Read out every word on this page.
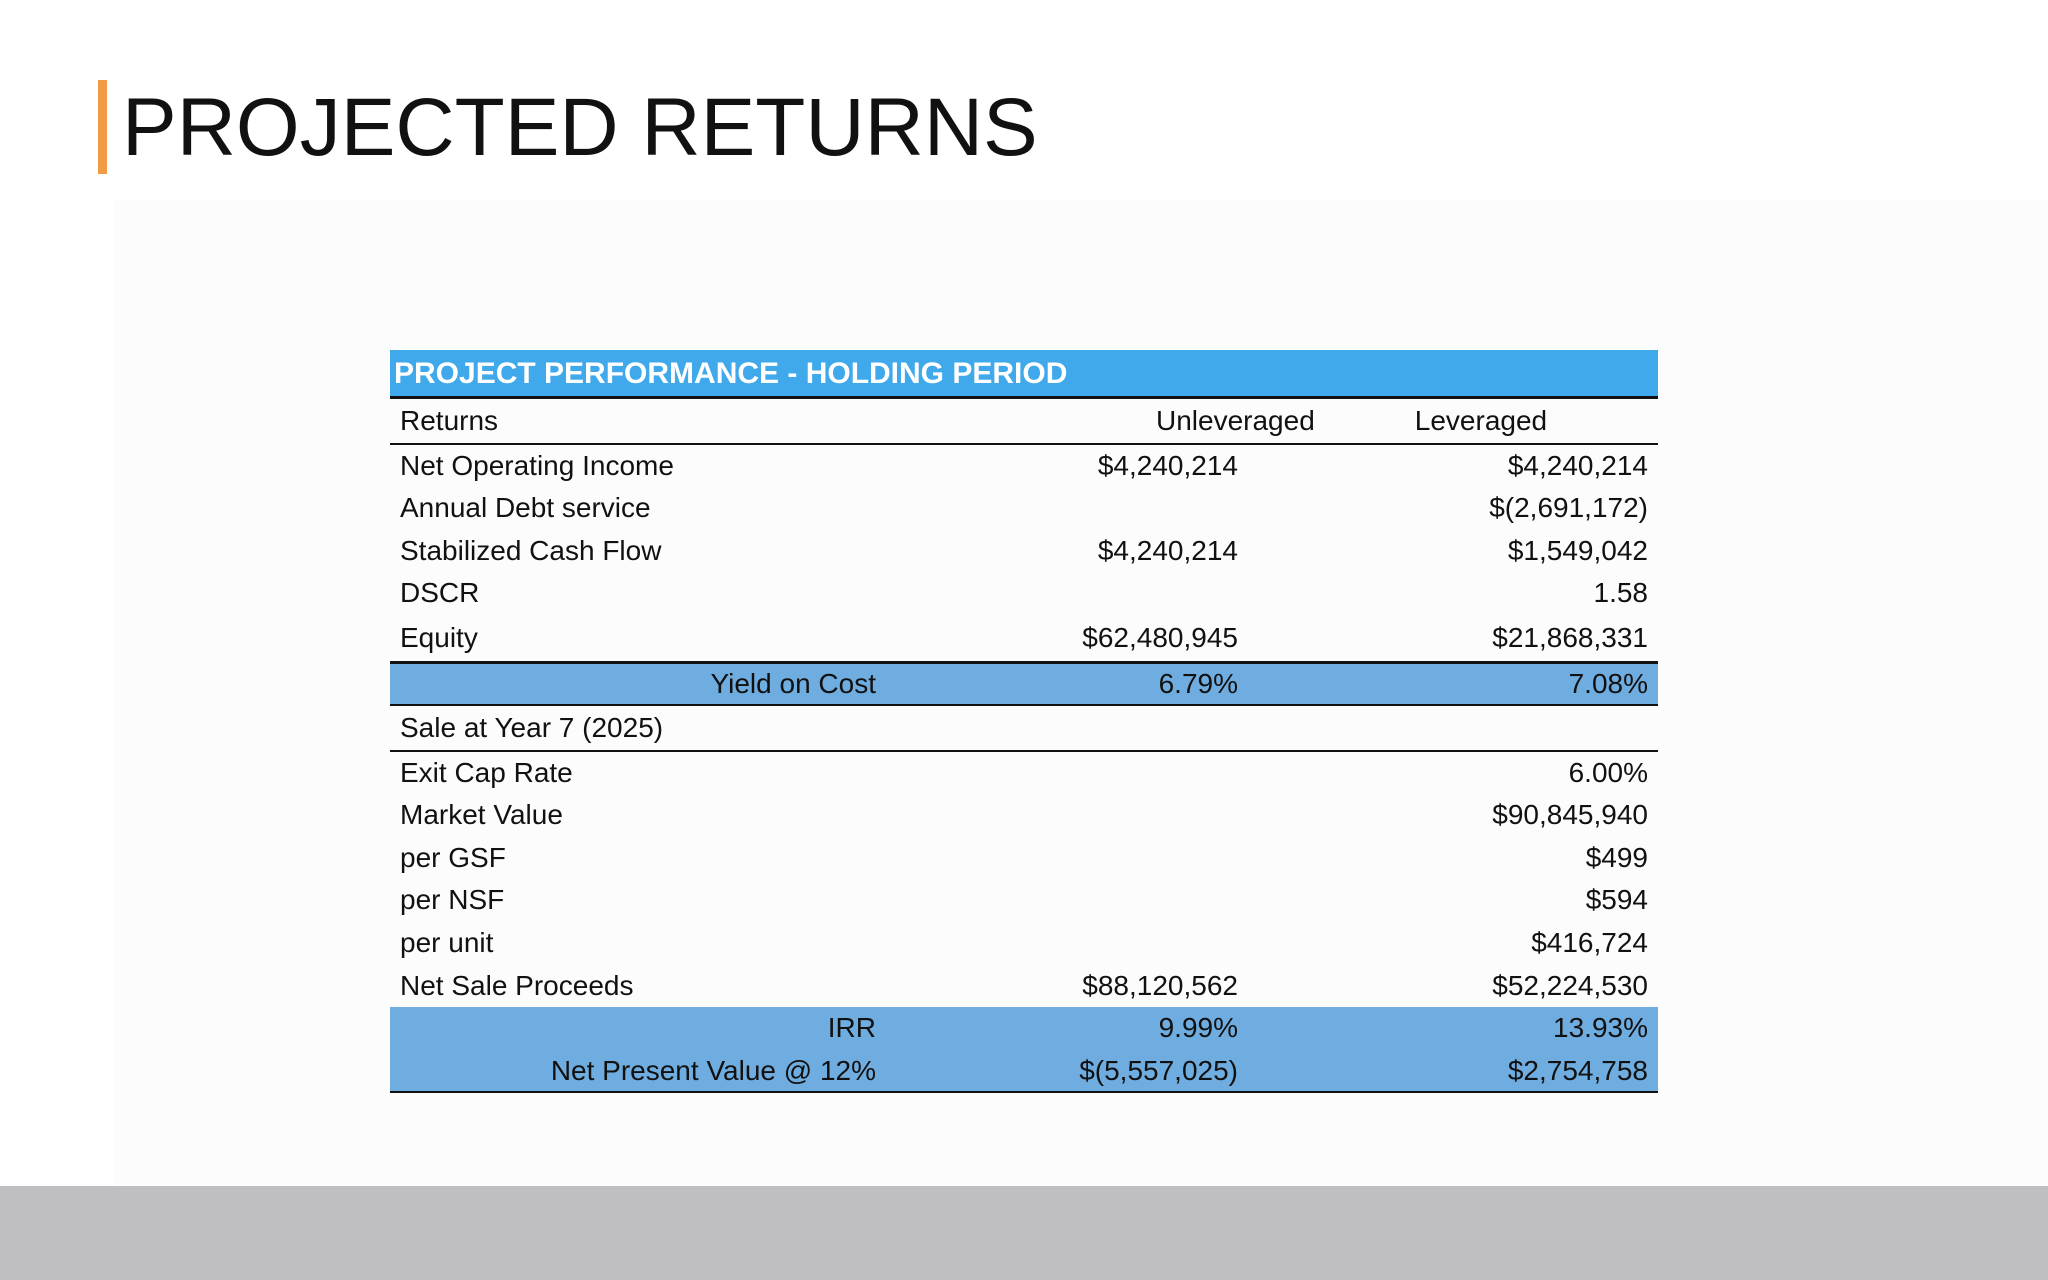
PROJECTED RETURNS
PROJECT PERFORMANCE - HOLDING PERIOD		
Returns	Unleveraged Leveraged	
Net Operating Income	$4,240,214	$4,240,214
Annual Debt service		$(2,691,172)
Stabilized Cash Flow	$4,240,214	$1,549,042
DSCR		1.58
Equity	$62,480,945	$21,868,331
Yield on Cost	6.79%	7.08%
Sale at Year 7 (2025)		
Exit Cap Rate		6.00%
Market Value		$90,845,940
per GSF		$499
per NSF		$594
per unit		$416,724
Net Sale Proceeds	$88,120,562	$52,224,530
IRR	9.99%	13.93%
Net Present Value @ 12%	$(5,557,025)	$2,754,758
